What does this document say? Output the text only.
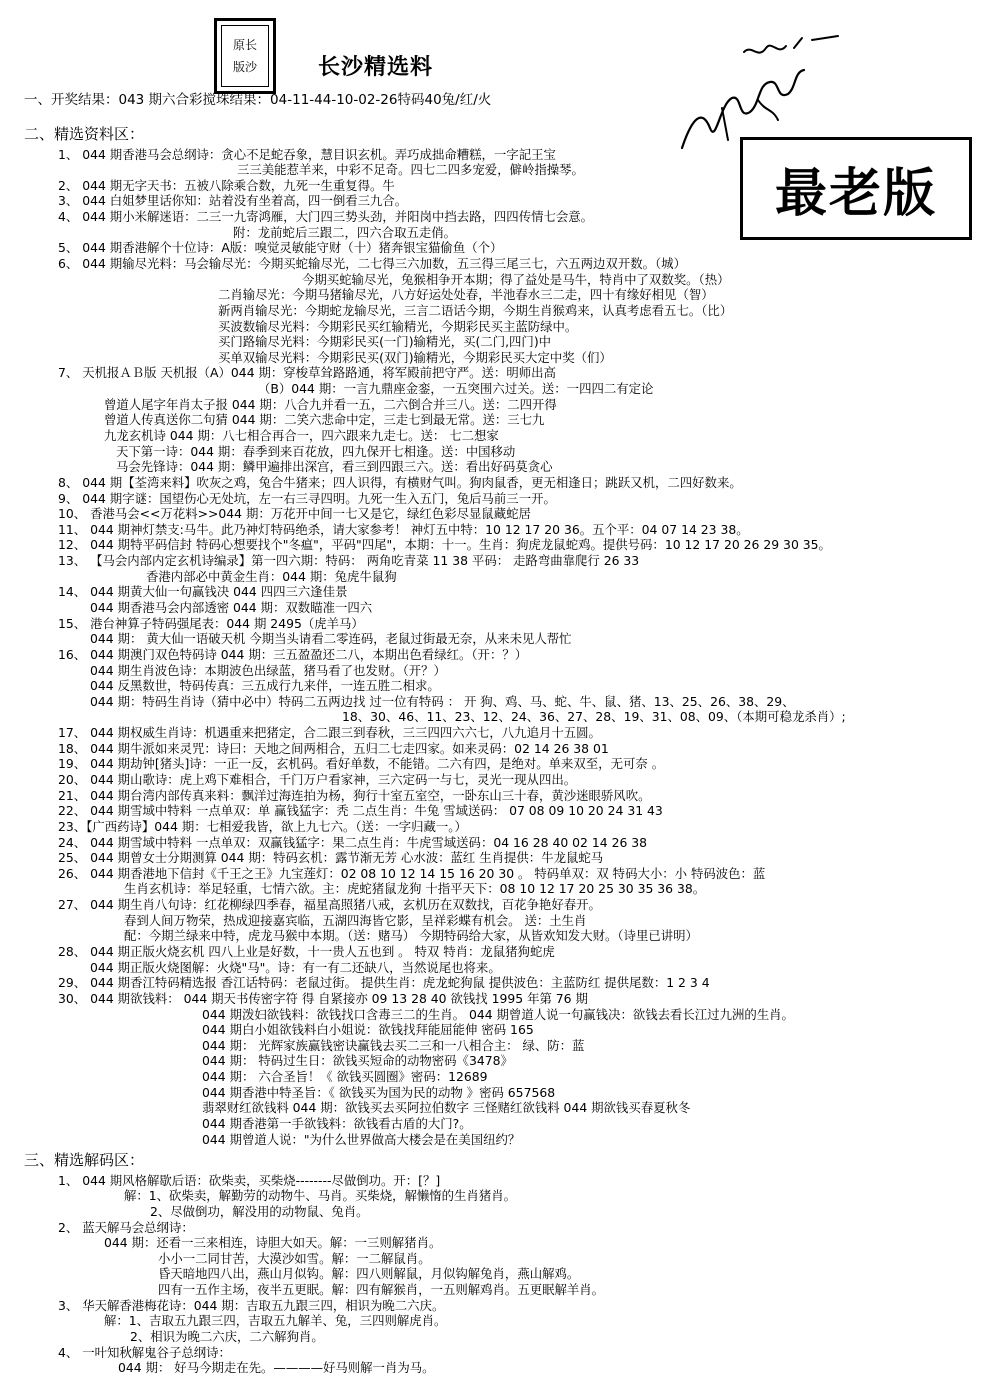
原长
版沙	长沙精选料
最老版
一、开奖结果：043 期六合彩搅珠结果：04-11-44-10-02-26特码40兔/红/火
二、精选资料区：
1、 044 期香港马会总纲诗：贪心不足蛇吞象，慧目识玄机。弄巧成拙命糟糕，一字記王宝
三三美能惹羊来，中彩不足奇。四七二四多宠爱，僻岭指操琴。
2、 044 期无字天书：五被八除乘合数，九死一生重复得。牛
3、 044 白姐梦里话你知：站着没有坐着高，四一倒看三九合。
4、 044 期小米解迷语：二三一九寄鸿雁，大门四三势头劲，并阳岗中挡去路，四四传情七会意。
附：龙前蛇后三跟二，四六合取五走俏。
5、 044 期香港解个十位诗：A版：嗅觉灵敏能守财（十）猪奔银宝猫偷鱼（个）
6、 044 期输尽光料：马会输尽光：今期买蛇输尽光，二七得三六加数，五三得三尾三七，六五两边双开数。（城）
今期买蛇输尽光，兔猴相争开本期；得了益处是马牛，特肖中了双数奖。（热）
二肖输尽光：今期马猪输尽光，八方好运处处春，半池春水三二走，四十有缘好相见（智）
新两肖输尽光：今期蛇龙输尽光，三言二语话今期，今期生肖猴鸡来，认真考虑看五七。（比）
买波数输尽光料：今期彩民买红输精光，今期彩民买主蓝防绿中。
买门路输尽光料：今期彩民买(一门)输精光，买(二门,四门)中
买单双输尽光料：今期彩民买(双门)输精光，今期彩民买大定中奖（们）
7、 天机报ＡＢ版 天机报（A）044 期：穿梭草耸路路通，将军殿前把守严。送：明师出高
（B）044 期：一言九鼎座金銮，一五突围六过关。送：一四四二有定论
曾道人尾字年肖太子报 044 期：八合九并看一五，二六倒合并三八。送：二四开得
曾道人传真送你二句猜 044 期：二笑六悲命中定，三走七到最无常。送：三七九
九龙玄机诗 044 期：八七相合再合一，四六跟来九走七。送： 七二想家
天下第一诗：044 期：春季到来百花放，四九保开七相逢。送：中国移动
马会先锋诗：044 期：鳞甲遍排出深宫，看三到四跟三六。送：看出好码莫贪心
8、 044 期【荃湾来料】吹灰之鸡，兔合牛猪来；四人识得，有横财气叫。狗肉鼠香，更无相逢日；跳跃又机，二四好数来。
9、 044 期字谜：国望伤心无处坑，左一右三寻四明。九死一生入五门，兔后马前三一开。
10、 香港马会<<万花料>>044 期：万花开中间一七又是它，绿红色彩尽显鼠藏蛇居
11、 044 期神灯禁支:马牛。此乃神灯特码绝杀，请大家参考！ 神灯五中特：10 12 17 20 36。五个平：04 07 14 23 38。
12、 044 期特平码信封 特码心想要找个"冬瘟"，平码"四尾"，本期：十一。生肖：狗虎龙鼠蛇鸡。提供号码：10 12 17 20 26 29 30 35。
13、 【马会内部内定玄机诗编录】第一四六期：特码： 两角吃青菜 11 38 平码： 走路弯曲靠爬行 26 33
香港内部必中黄金生肖：044 期：兔虎牛鼠狗
14、 044 期黄大仙一句赢钱决 044 四四三六逢佳景
044 期香港马会内部透密 044 期：双数瞄准一四六
15、 港台神算子特码强尾表：044 期 2495（虎羊马）
044 期： 黄大仙一语破天机 今期当头请看二零连码，老鼠过街最无奈，从来未见人帮忙
16、 044 期澳门双色特码诗 044 期：三五盈盈还二八，本期出色看绿红。（开：？）
044 期生肖波色诗：本期波色出绿蓝，猪马看了也发财。（开？）
044 反黑数世，特码传真：三五成行九来伴，一连五胜二相求。
044 期：特码生肖诗（猜中必中）特码二五两边找 过一位有特码 ： 开 狗、鸡、马、蛇、牛、鼠、猪、13、25、26、38、29、
18、30、46、11、23、12、24、36、27、28、19、31、08、09、（本期可稳龙杀肖）;
17、 044 期权威生肖诗：机遇重来把猪定，合二跟三到春秋，三三四四六六七，八九追月十五圆。
18、 044 期牛派如来灵咒：诗曰：天地之间两相合，五归二七走四家。如来灵码：02 14 26 38 01
19、 044 期劫钟[猪头]诗：一正一反，玄机码。看好单数，不能错。二六有四，是绝对。单来双至，无可奈 。
20、 044 期山歌诗：虎上鸡下难相合，千门万户看家神，三六定码一与七，灵光一现从四出。
21、 044 期台湾内部传真来料：飘洋过海连拍为杨，狗行十室五室空，一卧东山三十春，黄沙迷眼骄风吹。
22、 044 期雪域中特料 一点单双：单 赢钱猛字：秃 二点生肖：牛兔 雪域送码： 07 08 09 10 20 24 31 43
23、【广西药诗】044 期：七相爱我皆，欲上九七六。（送：一字归藏一。）
24、 044 期雪域中特料 一点单双：双赢钱猛字：果二点生肖：牛虎雪域送码：04 16 28 40 02 14 26 38
25、 044 期曾女士分期测算 044 期：特码玄机：露节渐无芳 心水波：蓝红 生肖提供：牛龙鼠蛇马
26、 044 期香港地下信封《千王之王》九宝莲灯：02 08 10 12 14 15 16 20 30 。 特码单双：双 特码大小：小 特码波色：蓝
生肖玄机诗：举足轻重，七情六欲。主：虎蛇猪鼠龙狗 十指平天下：08 10 12 17 20 25 30 35 36 38。
27、 044 期生肖八句诗：红花柳绿四季春，福星高照猪八戒，玄机历在双数找，百花争艳好春开。
春到人间万物荣，热成迎接嘉宾临，五湖四海皆它影，呈祥彩蝶有机会。 送：土生肖
配：今期兰绿来中特，虎龙马猴中本期。（送：赌马） 今期特码给大家，从皆欢知发大财。（诗里已讲明）
28、 044 期正版火烧玄机 四八上业是好数，十一贵人五也到 。 特双 特肖：龙鼠猪狗蛇虎
044 期正版火烧图解：火烧"马"。诗：有一有二还缺八，当然说尾也将来。
29、 044 期香江特码精选报 香江话特码：老鼠过街。 提供生肖：虎龙蛇狗鼠 提供波色：主蓝防红 提供尾数：1 2 3 4
30、 044 期欲钱料： 044 期天书传密字符 得 自紧接亦 09 13 28 40 欲钱找 1995 年第 76 期
044 期泼妇欲钱料：欲钱找口含毒三二的生肖。 044 期曾道人说一句赢钱决：欲钱去看长江过九洲的生肖。
044 期白小姐欲钱料白小姐说：欲钱找拜能屈能伸 密码 165
044 期： 光辉家族赢钱密诀赢钱去买二三和一八相合主： 绿、防：蓝
044 期： 特码过生日：欲钱买短命的动物密码《3478》
044 期： 六合圣旨！《 欲钱买圆圈》密码：12689
044 期香港中特圣旨：《 欲钱买为国为民的动物 》密码 657568
翡翠财红欲钱料 044 期：欲钱买去买阿拉伯数字 三怪赌红欲钱料 044 期欲钱买春夏秋冬
044 期香港第一手欲钱料：欲钱看古盾的大门?。
044 期曾道人说："为什么世界做高大楼会是在美国纽约？
三、精选解码区：
1、 044 期风格解歇后语：砍柴卖，买柴烧--------尽做倒功。开：[？]
解：1、砍柴卖，解勤劳的动物牛、马肖。买柴烧，解懒惰的生肖猪肖。
2、尽做倒功，解没用的动物鼠、兔肖。
2、 蓝天解马会总纲诗：
044 期：还看一三来相连，诗胆大如天。解：一三则解猪肖。
小小一二同甘苦，大漠沙如雪。解：一二解鼠肖。
昏天暗地四八出，燕山月似钩。解：四八则解鼠，月似钩解兔肖，燕山解鸡。
四有一五作主场，夜半五更眠。解：四有解猴肖，一五则解鸡肖。五更眠解羊肖。
3、 华天解香港梅花诗：044 期：吉取五九跟三四，相识为晚二六庆。
解：1、吉取五九跟三四，吉取五九解羊、兔，三四则解虎肖。
2、相识为晚二六庆，二六解狗肖。
4、 一叶知秋解鬼谷子总纲诗：
044 期： 好马今期走在先。————好马则解一肖为马。
